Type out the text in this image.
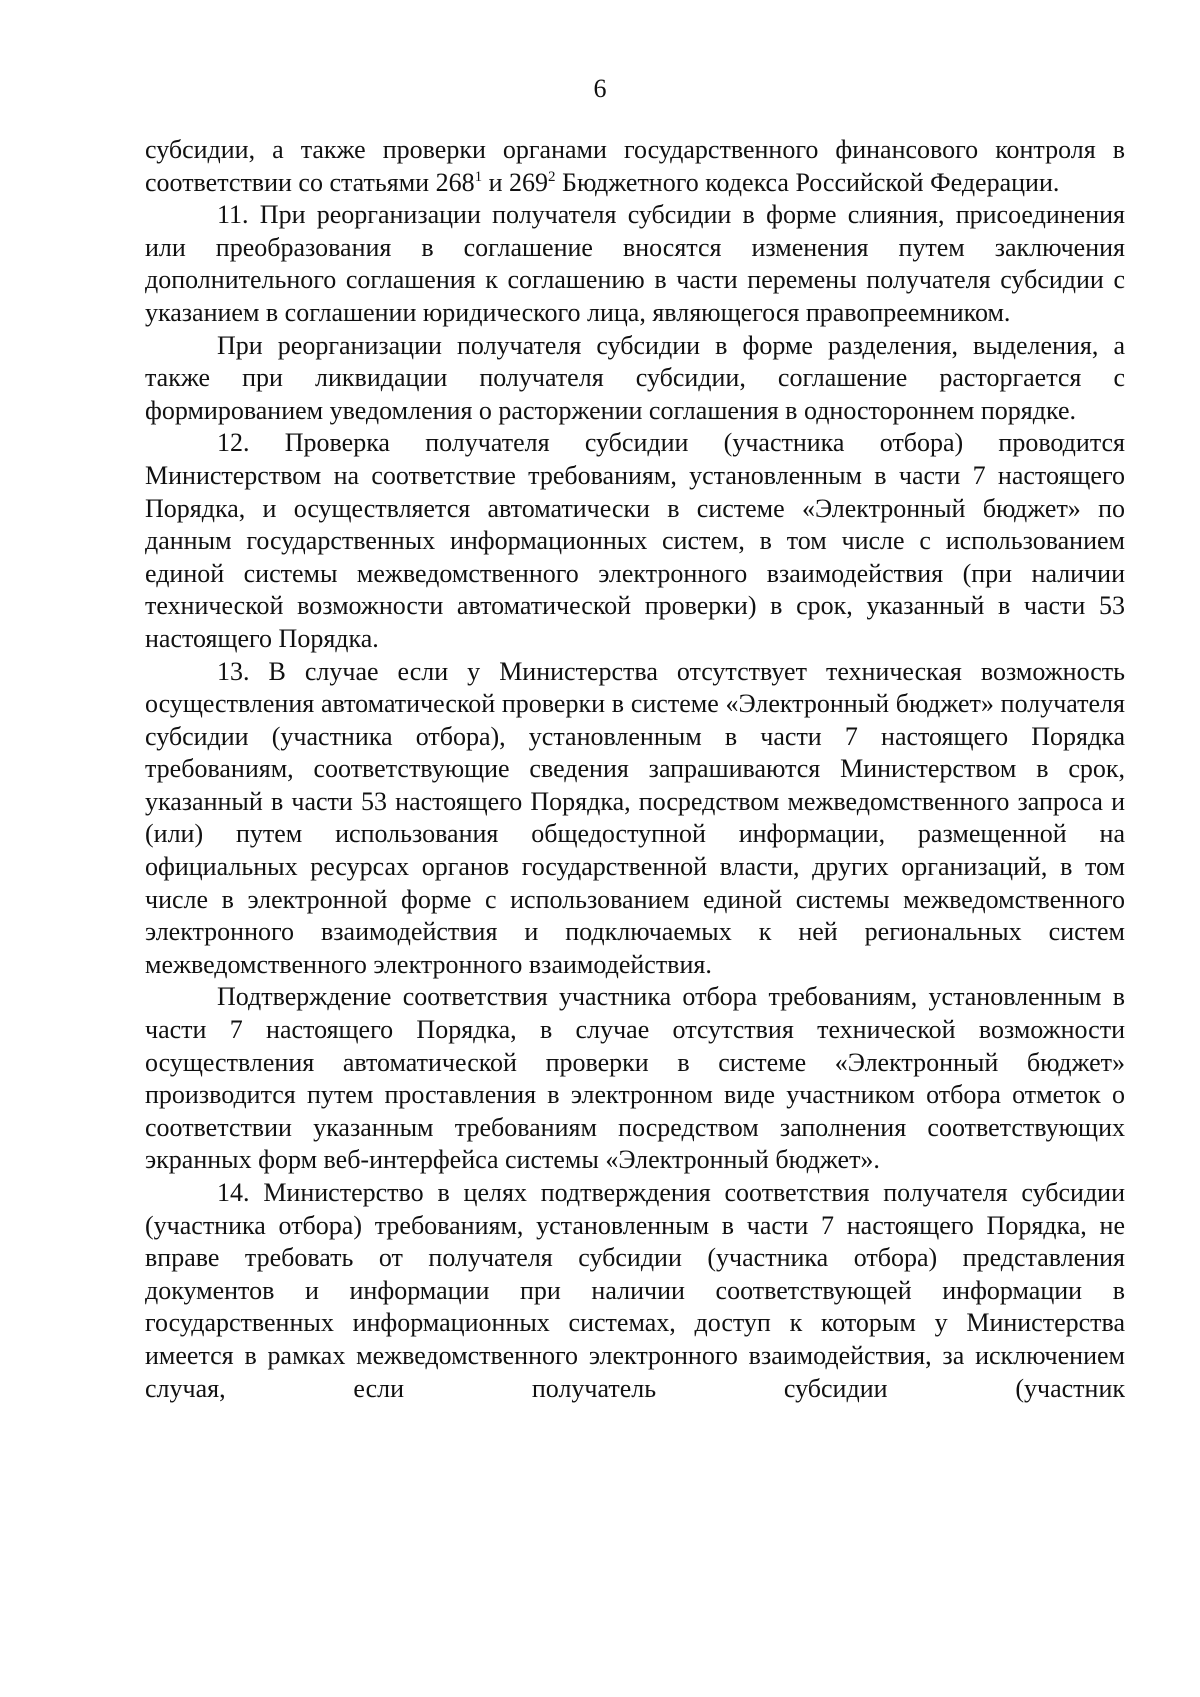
6

субсидии, а также проверки органами государственного финансового контроля в соответствии со статьями $268^1$ и $269^2$ Бюджетного кодекса Российской Федерации.

11. При реорганизации получателя субсидии в форме слияния, присоединения или преобразования в соглашение вносятся изменения путем заключения дополнительного соглашения к соглашению в части перемены получателя субсидии с указанием в соглашении юридического лица, являющегося правопреемником.

При реорганизации получателя субсидии в форме разделения, выделения, а также при ликвидации получателя субсидии, соглашение расторгается с формированием уведомления о расторжении соглашения в одностороннем порядке.

12. Проверка получателя субсидии (участника отбора) проводится Министерством на соответствие требованиям, установленным в части 7 настоящего Порядка, и осуществляется автоматически в системе «Электронный бюджет» по данным государственных информационных систем, в том числе с использованием единой системы межведомственного электронного взаимодействия (при наличии технической возможности автоматической проверки) в срок, указанный в части 53 настоящего Порядка.

13. В случае если у Министерства отсутствует техническая возможность осуществления автоматической проверки в системе «Электронный бюджет» получателя субсидии (участника отбора), установленным в части 7 настоящего Порядка требованиям, соответствующие сведения запрашиваются Министерством в срок, указанный в части 53 настоящего Порядка, посредством межведомственного запроса и (или) путем использования общедоступной информации, размещенной на официальных ресурсах органов государственной власти, других организаций, в том числе в электронной форме с использованием единой системы межведомственного электронного взаимодействия и подключаемых к ней региональных систем межведомственного электронного взаимодействия.

Подтверждение соответствия участника отбора требованиям, установленным в части 7 настоящего Порядка, в случае отсутствия технической возможности осуществления автоматической проверки в системе «Электронный бюджет» производится путем проставления в электронном виде участником отбора отметок о соответствии указанным требованиям посредством заполнения соответствующих экранных форм веб-интерфейса системы «Электронный бюджет».

14. Министерство в целях подтверждения соответствия получателя субсидии (участника отбора) требованиям, установленным в части 7 настоящего Порядка, не вправе требовать от получателя субсидии (участника отбора) представления документов и информации при наличии соответствующей информации в государственных информационных системах, доступ к которым у Министерства имеется в рамках межведомственного электронного взаимодействия, за исключением случая, если получатель субсидии (участник
